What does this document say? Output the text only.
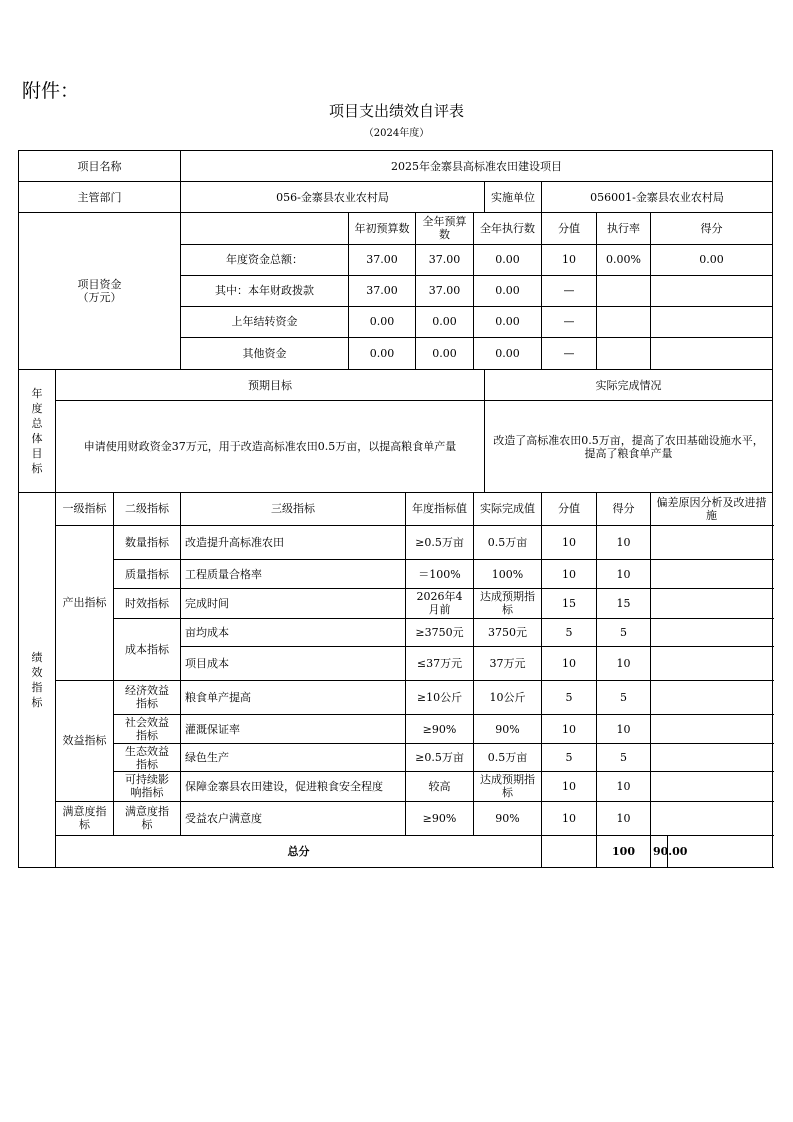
附件：
项目支出绩效自评表
（2024年度）
项目名称			2025年金寨县高标准农田建设项目									
主管部门			056-金寨县农业农村局					实施单位	056001-金寨县农业农村局			

项目资金
（万元）				年初预算数		全年预算数	全年执行数		分值	执行率	得分	
			年度资金总额：	37.00		37.00	0.00		10	0.00%	0.00	
			其中：本年财政拨款	37.00		37.00	0.00		—			
			上年结转资金	0.00		0.00	0.00		—			
			其他资金	0.00		0.00	0.00		—			

年度总体目标	预期目标							实际完成情况				
	申请使用财政资金37万元，用于改造高标准农田0.5万亩，以提高粮食单产量							改造了高标准农田0.5万亩，提高了农田基础设施水平，提高了粮食单产量				

绩效指标	一级指标	二级指标	三级指标		年度指标值		实际完成值		分值	得分	偏差原因分析及改进措施	
	产出指标	数量指标	改造提升高标准农田		≥0.5万亩		0.5万亩		10	10		
		质量指标	工程质量合格率		＝100%		100%		10	10		
		时效指标	完成时间		2026年4月前		达成预期指标		15	15		
		成本指标	亩均成本		≥3750元		3750元		5	5		
			项目成本		≤37万元		37万元		10	10		
	效益指标	经济效益指标	粮食单产提高		≥10公斤		10公斤		5	5		
		社会效益指标	灌溉保证率		≥90%		90%		10	10		
		生态效益指标	绿色生产		≥0.5万亩		0.5万亩		5	5		
		可持续影响指标	保障金寨县农田建设，促进粮食安全程度		较高		达成预期指标		10	10		
	满意度指标	满意度指标	受益农户满意度		≥90%		90%		10	10		
	总分									100	90.00	
